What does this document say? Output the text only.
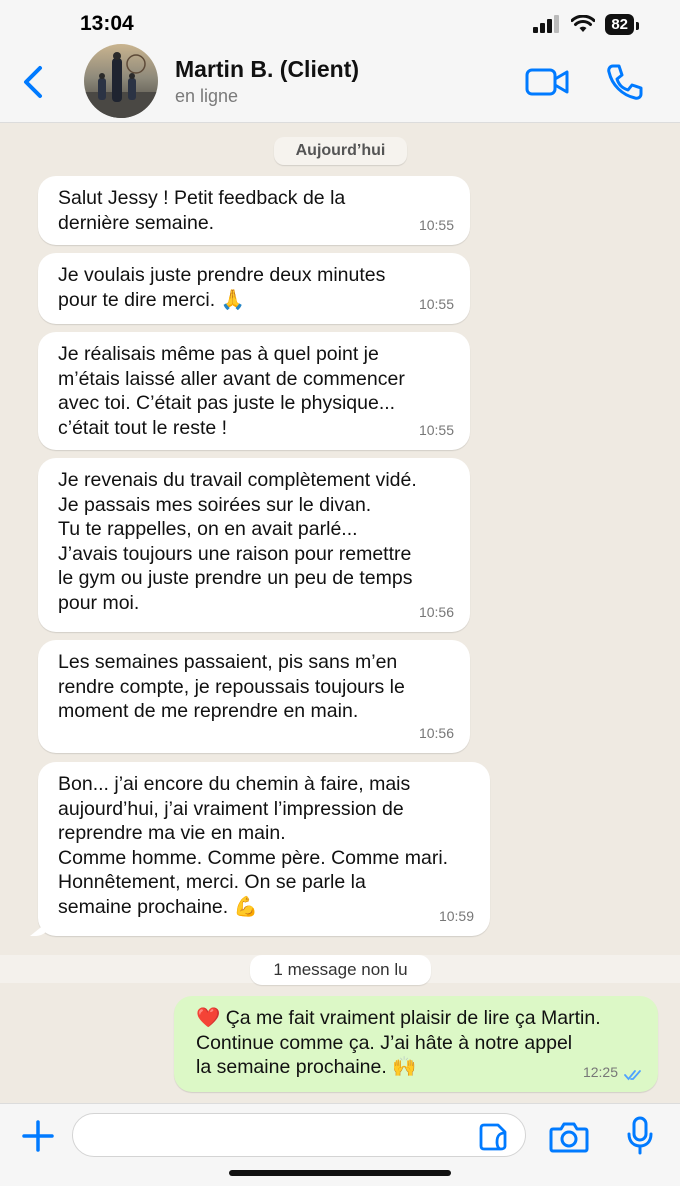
13:04	82
Martin B. (Client)
en ligne
Aujourd’hui
Salut Jessy ! Petit feedback de la
dernière semaine.	10:55
Je voulais juste prendre deux minutes
pour te dire merci. 🙏	10:55
Je réalisais même pas à quel point je
m’étais laissé aller avant de commencer
avec toi. C’était pas juste le physique...
c’était tout le reste !	10:55
Je revenais du travail complètement vidé.
Je passais mes soirées sur le divan.
Tu te rappelles, on en avait parlé...
J’avais toujours une raison pour remettre
le gym ou juste prendre un peu de temps
pour moi.	10:56
Les semaines passaient, pis sans m’en
rendre compte, je repoussais toujours le
moment de me reprendre en main.
10:56
Bon... j’ai encore du chemin à faire, mais
aujourd’hui, j’ai vraiment l’impression de
reprendre ma vie en main.
Comme homme. Comme père. Comme mari.
Honnêtement, merci. On se parle la
semaine prochaine. 💪	10:59
1 message non lu
❤️ Ça me fait vraiment plaisir de lire ça Martin.
Continue comme ça. J’ai hâte à notre appel
la semaine prochaine. 🙌	12:25
